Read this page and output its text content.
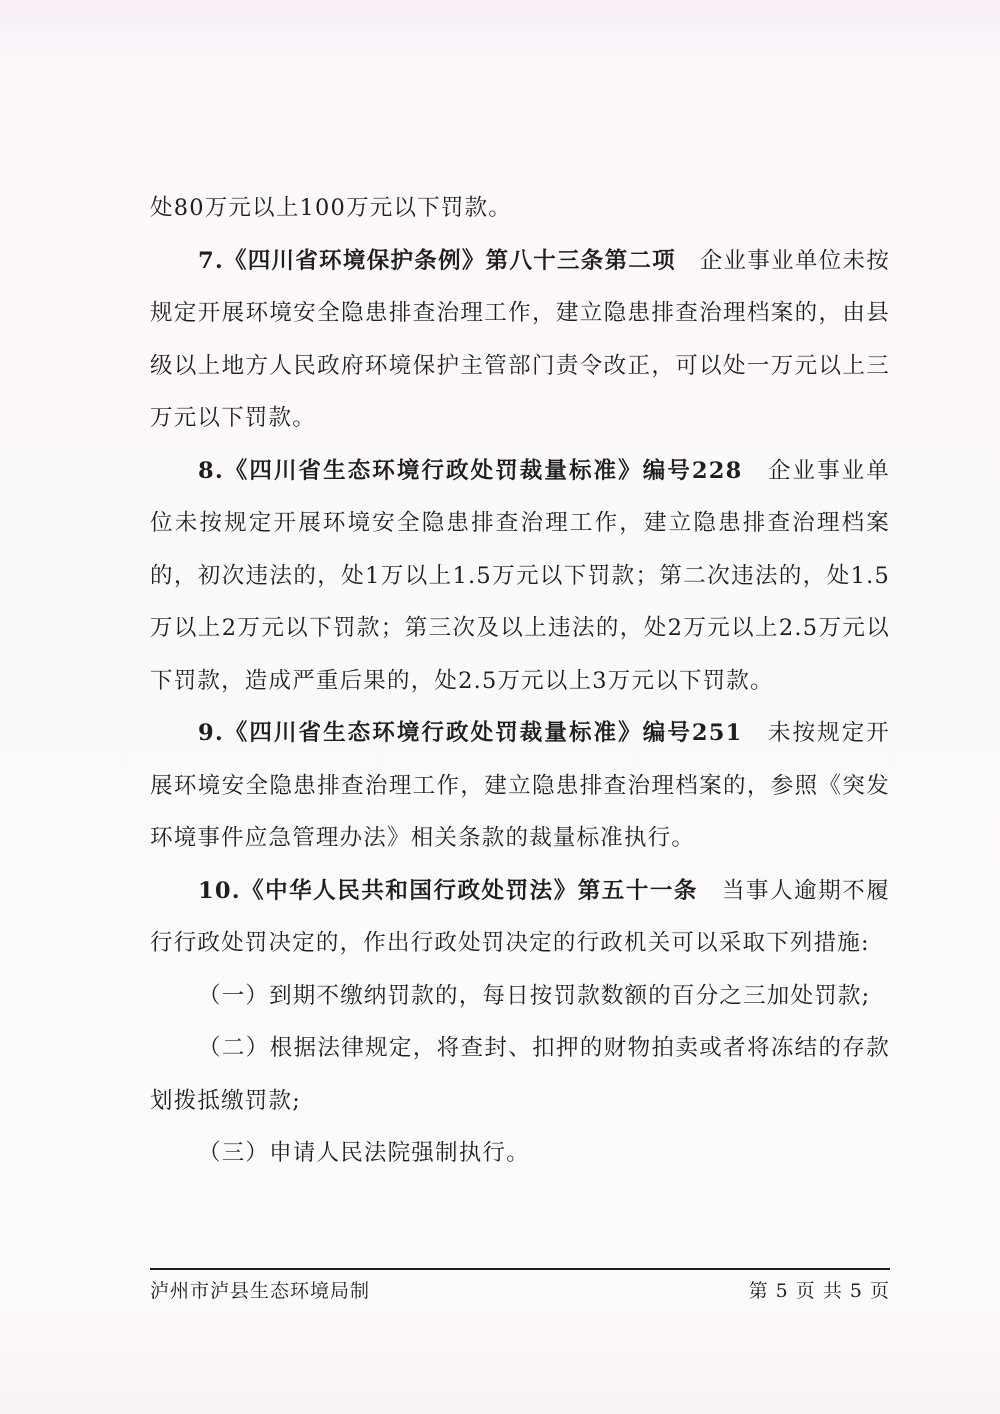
处80万元以上100万元以下罚款。

7.《四川省环境保护条例》第八十三条第二项　企业事业单位未按规定开展环境安全隐患排查治理工作，建立隐患排查治理档案的，由县级以上地方人民政府环境保护主管部门责令改正，可以处一万元以上三万元以下罚款。

8.《四川省生态环境行政处罚裁量标准》编号228　企业事业单位未按规定开展环境安全隐患排查治理工作，建立隐患排查治理档案的，初次违法的，处1万以上1.5万元以下罚款；第二次违法的，处1.5万以上2万元以下罚款；第三次及以上违法的，处2万元以上2.5万元以下罚款，造成严重后果的，处2.5万元以上3万元以下罚款。

9.《四川省生态环境行政处罚裁量标准》编号251　未按规定开展环境安全隐患排查治理工作，建立隐患排查治理档案的，参照《突发环境事件应急管理办法》相关条款的裁量标准执行。

10.《中华人民共和国行政处罚法》第五十一条　当事人逾期不履行行政处罚决定的，作出行政处罚决定的行政机关可以采取下列措施:

（一）到期不缴纳罚款的，每日按罚款数额的百分之三加处罚款;

（二）根据法律规定，将查封、扣押的财物拍卖或者将冻结的存款划拨抵缴罚款;

（三）申请人民法院强制执行。

泸州市泸县生态环境局制	第 5 页 共 5 页
